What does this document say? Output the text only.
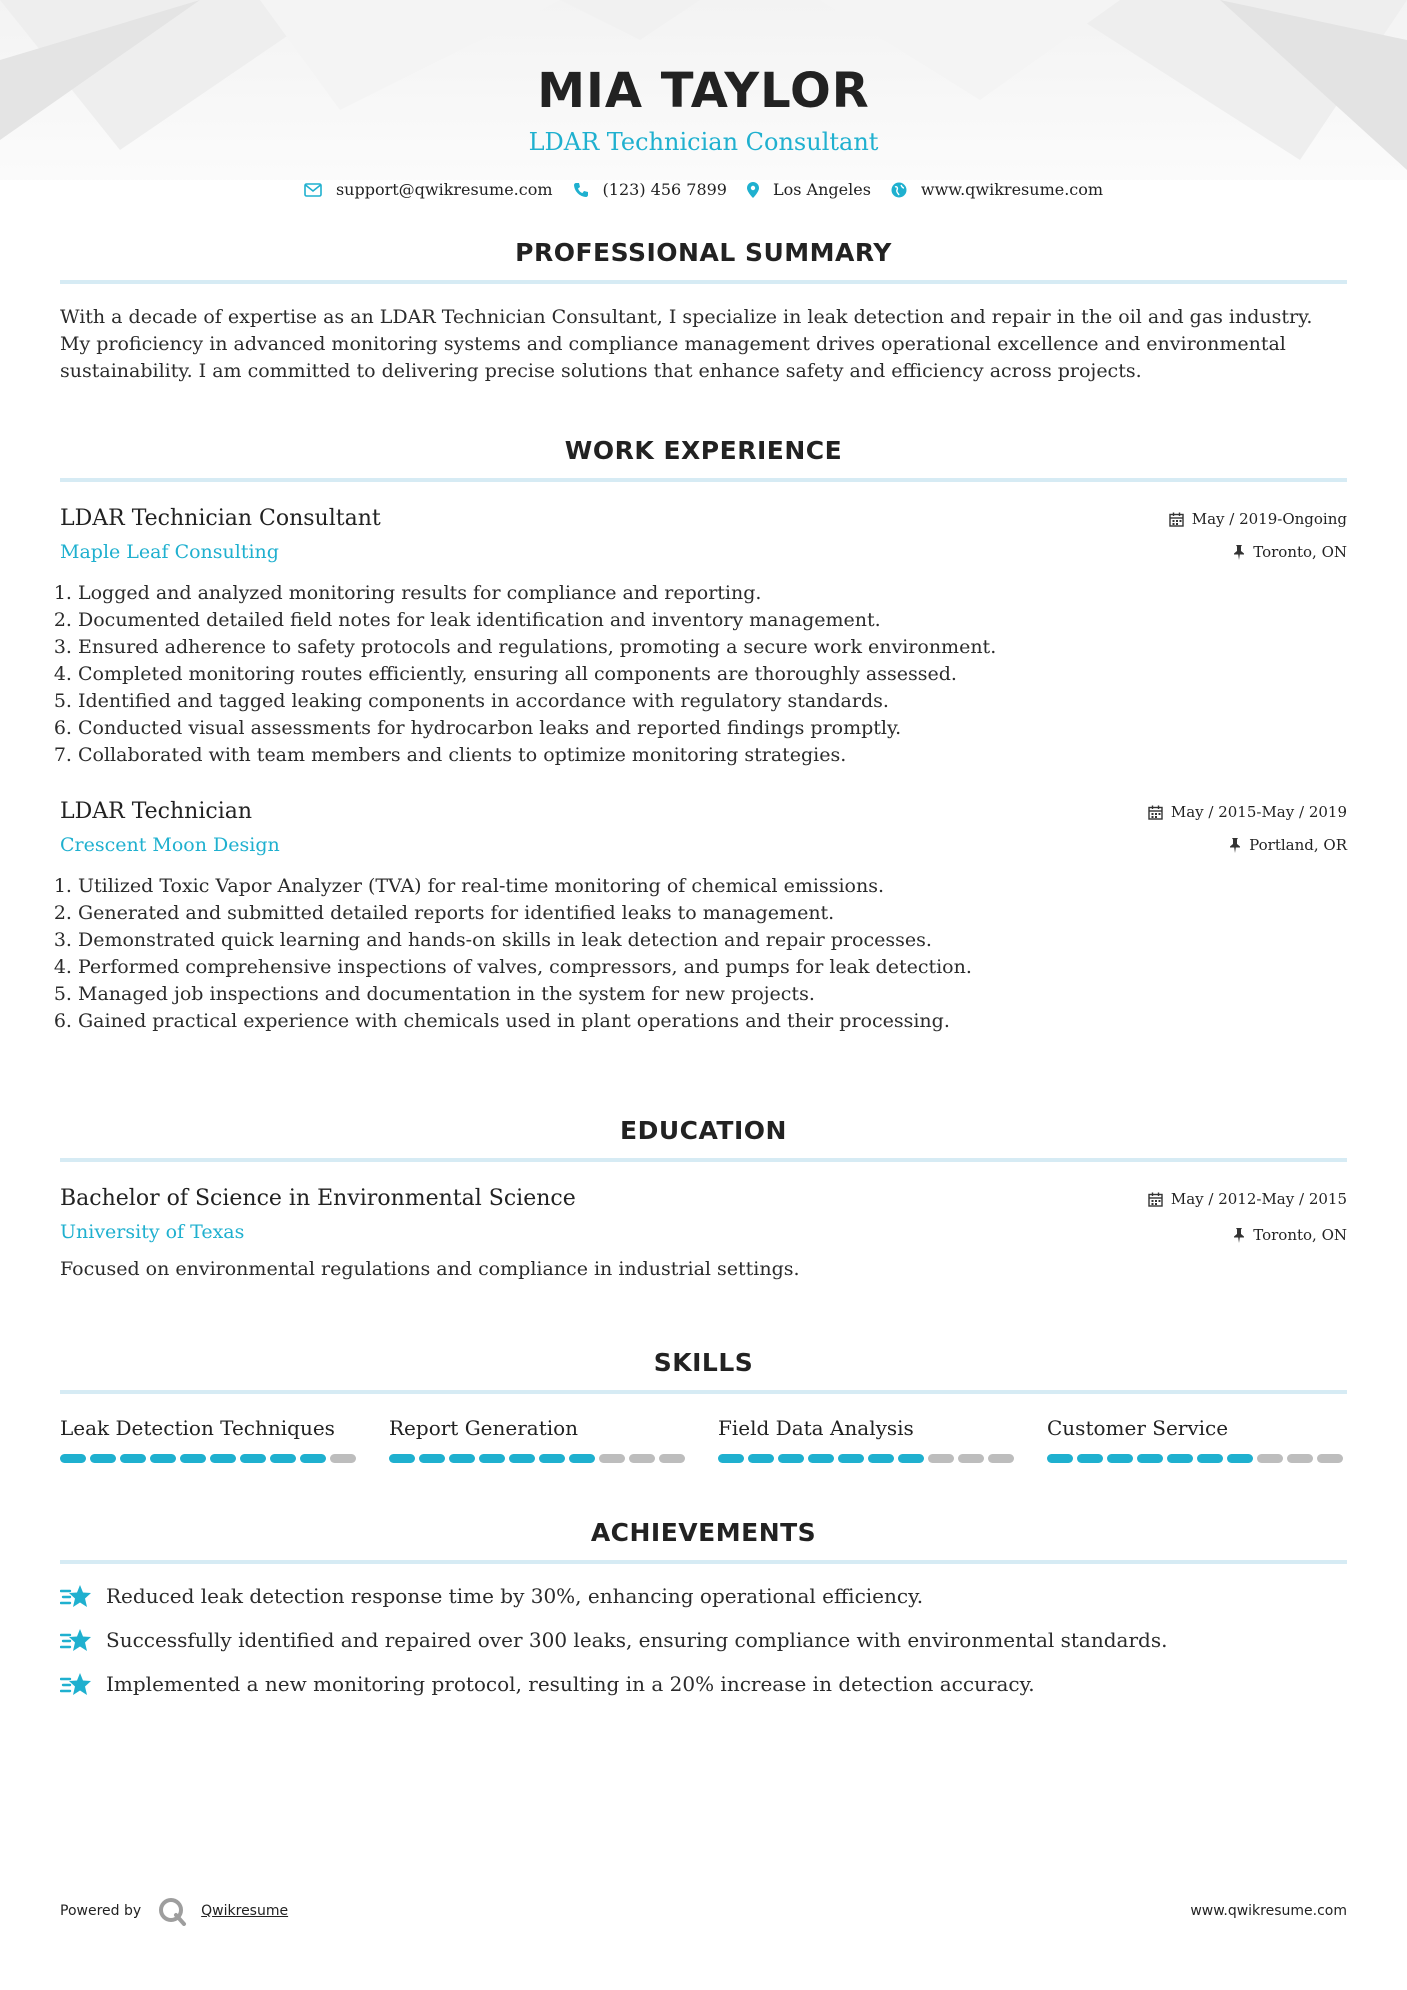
MIA TAYLOR
LDAR Technician Consultant
support@qwikresume.com	(123) 456 7899	Los Angeles	www.qwikresume.com
PROFESSIONAL SUMMARY
With a decade of expertise as an LDAR Technician Consultant, I specialize in leak detection and repair in the oil and gas industry. My proficiency in advanced monitoring systems and compliance management drives operational excellence and environmental sustainability. I am committed to delivering precise solutions that enhance safety and efficiency across projects.
WORK EXPERIENCE
LDAR Technician Consultant
Maple Leaf Consulting
May / 2019-Ongoing
Toronto, ON
1. Logged and analyzed monitoring results for compliance and reporting.
2. Documented detailed field notes for leak identification and inventory management.
3. Ensured adherence to safety protocols and regulations, promoting a secure work environment.
4. Completed monitoring routes efficiently, ensuring all components are thoroughly assessed.
5. Identified and tagged leaking components in accordance with regulatory standards.
6. Conducted visual assessments for hydrocarbon leaks and reported findings promptly.
7. Collaborated with team members and clients to optimize monitoring strategies.
LDAR Technician
Crescent Moon Design
May / 2015-May / 2019
Portland, OR
1. Utilized Toxic Vapor Analyzer (TVA) for real-time monitoring of chemical emissions.
2. Generated and submitted detailed reports for identified leaks to management.
3. Demonstrated quick learning and hands-on skills in leak detection and repair processes.
4. Performed comprehensive inspections of valves, compressors, and pumps for leak detection.
5. Managed job inspections and documentation in the system for new projects.
6. Gained practical experience with chemicals used in plant operations and their processing.
EDUCATION
Bachelor of Science in Environmental Science
University of Texas
May / 2012-May / 2015
Toronto, ON
Focused on environmental regulations and compliance in industrial settings.
SKILLS
Leak Detection Techniques	Report Generation	Field Data Analysis	Customer Service
ACHIEVEMENTS
Reduced leak detection response time by 30%, enhancing operational efficiency.
Successfully identified and repaired over 300 leaks, ensuring compliance with environmental standards.
Implemented a new monitoring protocol, resulting in a 20% increase in detection accuracy.
Powered by	Qwikresume	www.qwikresume.com
